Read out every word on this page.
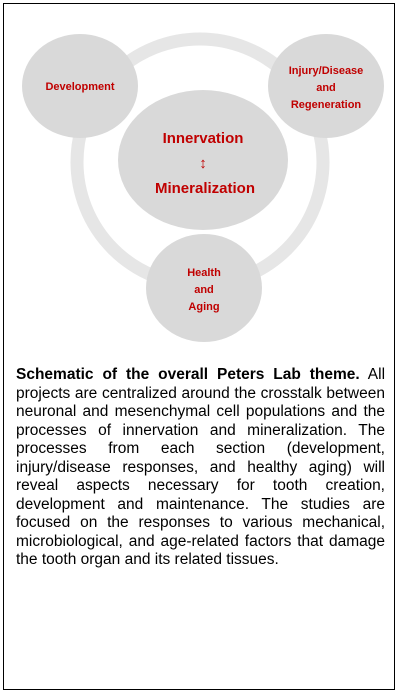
Development
Injury/Disease
and
Regeneration
Innervation
↕
Mineralization
Health
and
Aging

Schematic of the overall Peters Lab theme. All projects are centralized around the crosstalk between neuronal and mesenchymal cell populations and the processes of innervation and mineralization. The processes from each section (development, injury/disease responses, and healthy aging) will reveal aspects necessary for tooth creation, development and maintenance. The studies are focused on the responses to various mechanical, microbiological, and age-related factors that damage the tooth organ and its related tissues.
